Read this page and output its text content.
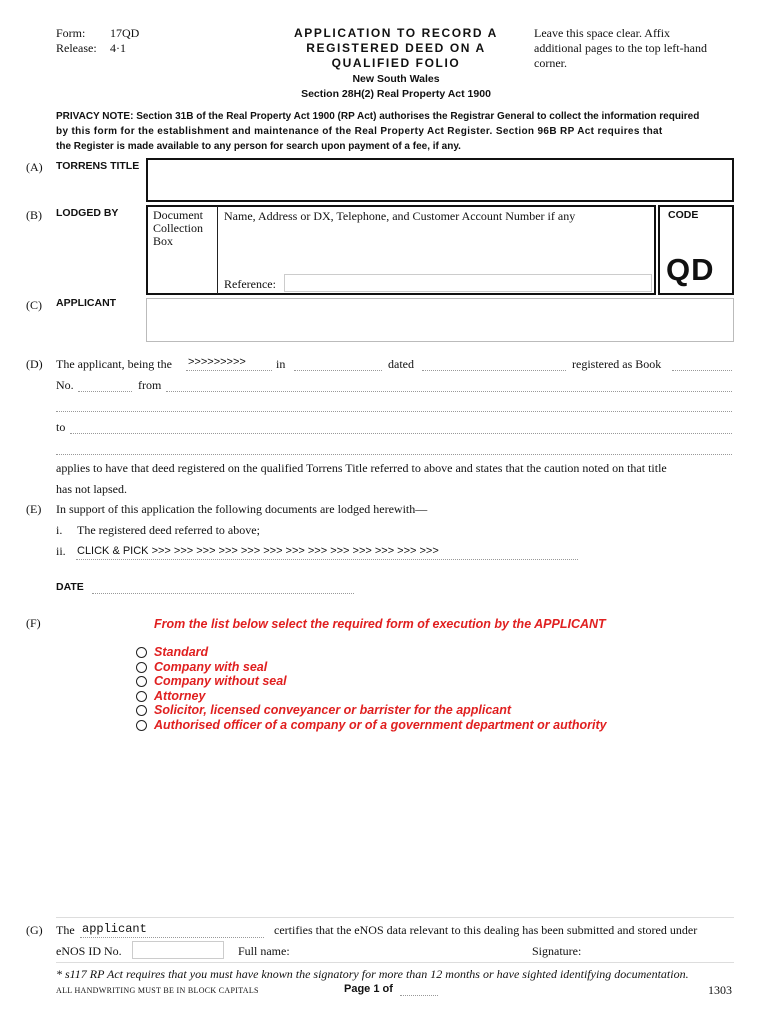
Form: 17QD
Release: 4·1
APPLICATION TO RECORD A
REGISTERED DEED ON A
QUALIFIED FOLIO
New South Wales
Section 28H(2) Real Property Act 1900
Leave this space clear. Affix
additional pages to the top left-hand
corner.
PRIVACY NOTE: Section 31B of the Real Property Act 1900 (RP Act) authorises the Registrar General to collect the information required
by this form for the establishment and maintenance of the Real Property Act Register. Section 96B RP Act requires that
the Register is made available to any person for search upon payment of a fee, if any.
(A) TORRENS TITLE
(B) LODGED BY	Document
Collection
Box
Name, Address or DX, Telephone, and Customer Account Number if any
Reference:
CODE
QD
(C) APPLICANT
(D) The applicant, being the >>>>>>>>>	in	dated	registered as Book
No.	from
to
applies to have that deed registered on the qualified Torrens Title referred to above and states that the caution noted on that title
has not lapsed.
(E) In support of this application the following documents are lodged herewith—
i. The registered deed referred to above;
ii. CLICK & PICK >>> >>> >>> >>> >>> >>> >>> >>> >>> >>> >>> >>> >>>
DATE
(F)	From the list below select the required form of execution by the APPLICANT
Standard
Company with seal
Company without seal
Attorney
Solicitor, licensed conveyancer or barrister for the applicant
Authorised officer of a company or of a government department or authority
(G) The applicant	certifies that the eNOS data relevant to this dealing has been submitted and stored under
eNOS ID No.	Full name:	Signature:
* s117 RP Act requires that you must have known the signatory for more than 12 months or have sighted identifying documentation.
ALL HANDWRITING MUST BE IN BLOCK CAPITALS	Page 1 of	1303
